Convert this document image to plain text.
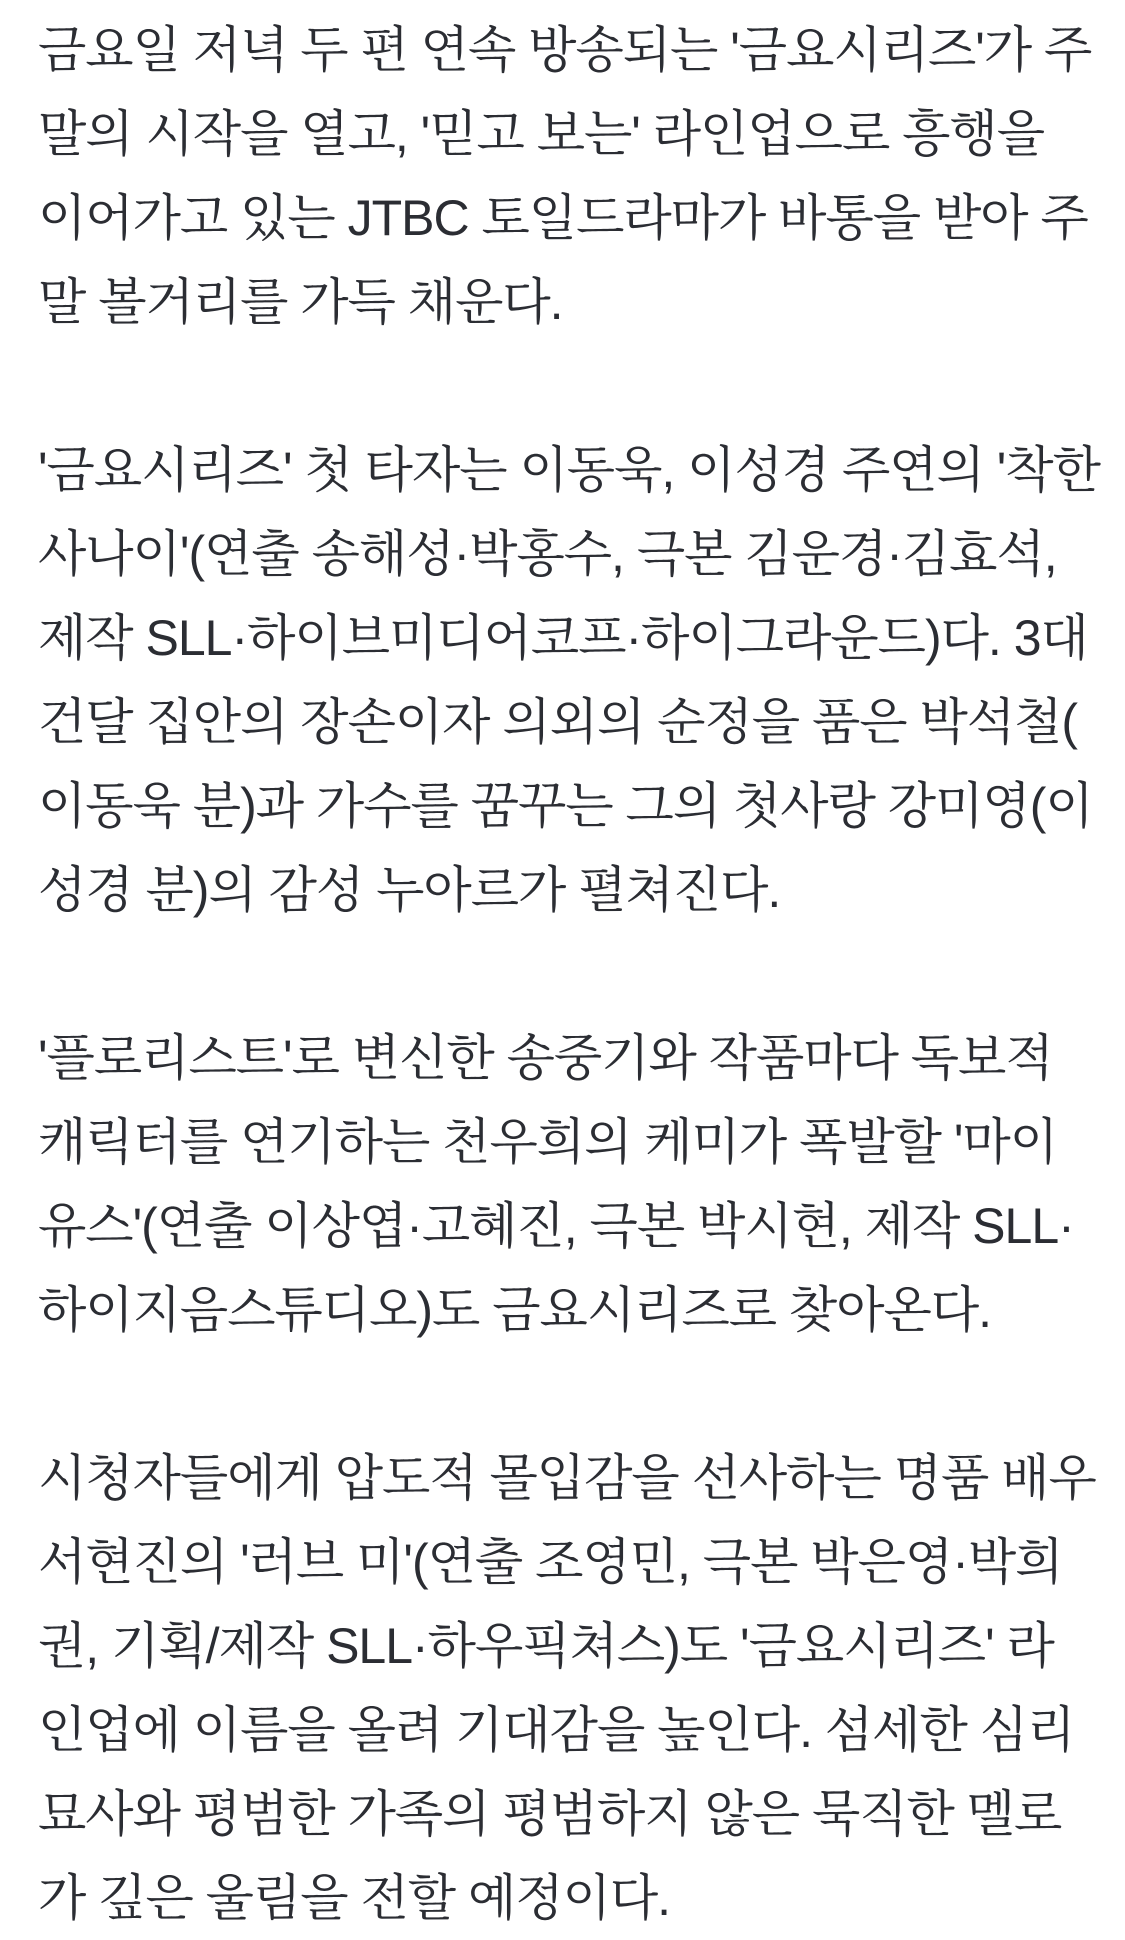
금요일 저녁 두 편 연속 방송되는 '금요시리즈'가 주
말의 시작을 열고, '믿고 보는' 라인업으로 흥행을
이어가고 있는 JTBC 토일드라마가 바통을 받아 주
말 볼거리를 가득 채운다.

'금요시리즈' 첫 타자는 이동욱, 이성경 주연의 '착한
사나이'(연출 송해성·박홍수, 극본 김운경·김효석,
제작 SLL·하이브미디어코프·하이그라운드)다. 3대
건달 집안의 장손이자 의외의 순정을 품은 박석철(
이동욱 분)과 가수를 꿈꾸는 그의 첫사랑 강미영(이
성경 분)의 감성 누아르가 펼쳐진다.

'플로리스트'로 변신한 송중기와 작품마다 독보적
캐릭터를 연기하는 천우희의 케미가 폭발할 '마이
유스'(연출 이상엽·고혜진, 극본 박시현, 제작 SLL·
하이지음스튜디오)도 금요시리즈로 찾아온다.

시청자들에게 압도적 몰입감을 선사하는 명품 배우
서현진의 '러브 미'(연출 조영민, 극본 박은영·박희
권, 기획/제작 SLL·하우픽쳐스)도 '금요시리즈' 라
인업에 이름을 올려 기대감을 높인다. 섬세한 심리
묘사와 평범한 가족의 평범하지 않은 묵직한 멜로
가 깊은 울림을 전할 예정이다.
